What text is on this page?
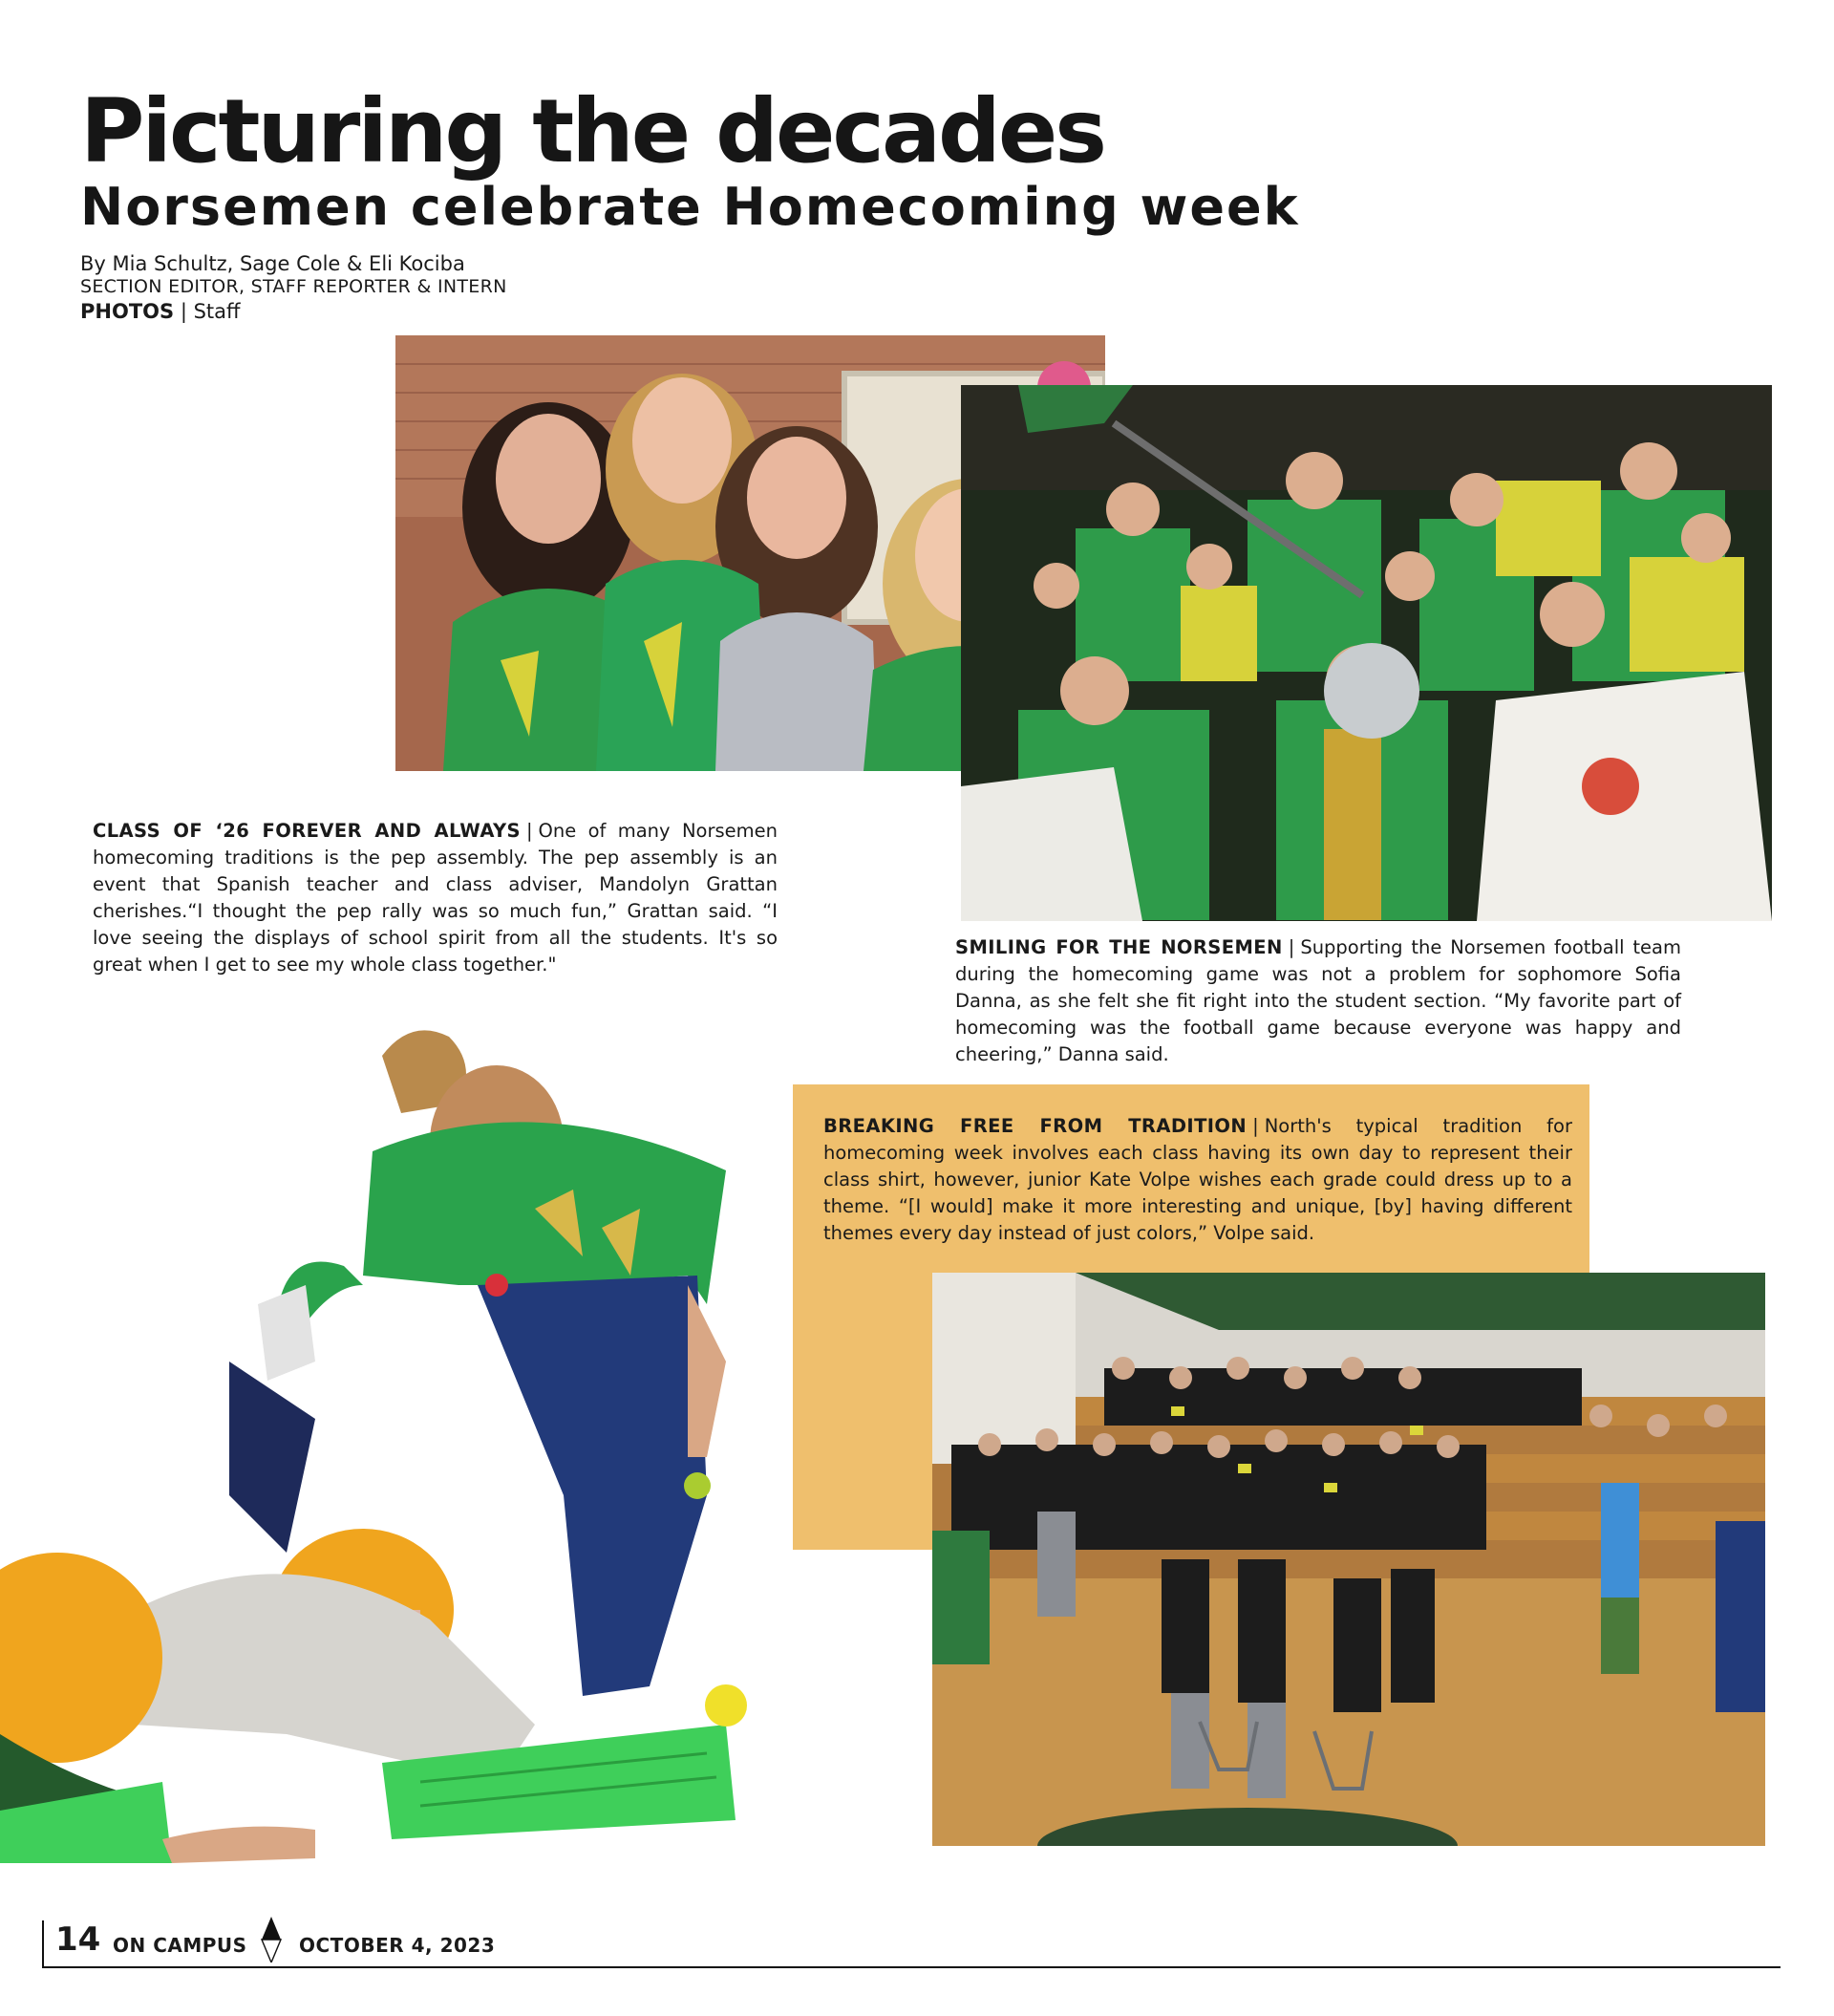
Picturing the decades
Norsemen celebrate Homecoming week
By Mia Schultz, Sage Cole & Eli Kociba
SECTION EDITOR, STAFF REPORTER & INTERN
PHOTOS | Staff

CLASS OF ‘26 FOREVER AND ALWAYS | One of many Norsemen homecoming traditions is the pep assembly. The pep assembly is an event that Spanish teacher and class adviser, Mandolyn Grattan cherishes.“I thought the pep rally was so much fun,” Grattan said. “I love seeing the displays of school spirit from all the students. It's so great when I get to see my whole class together."

SMILING FOR THE NORSEMEN | Supporting the Norsemen football team during the homecoming game was not a problem for sophomore Sofia Danna, as she felt she fit right into the student section. “My favorite part of homecoming was the football game because everyone was happy and cheering,” Danna said.

BREAKING FREE FROM TRADITION | North's typical tradition for homecoming week involves each class having its own day to represent their class shirt, however, junior Kate Volpe wishes each grade could dress up to a theme. “[I would] make it more interesting and unique, [by] having different themes every day instead of just colors,” Volpe said.

14 ON CAMPUS	OCTOBER 4, 2023
